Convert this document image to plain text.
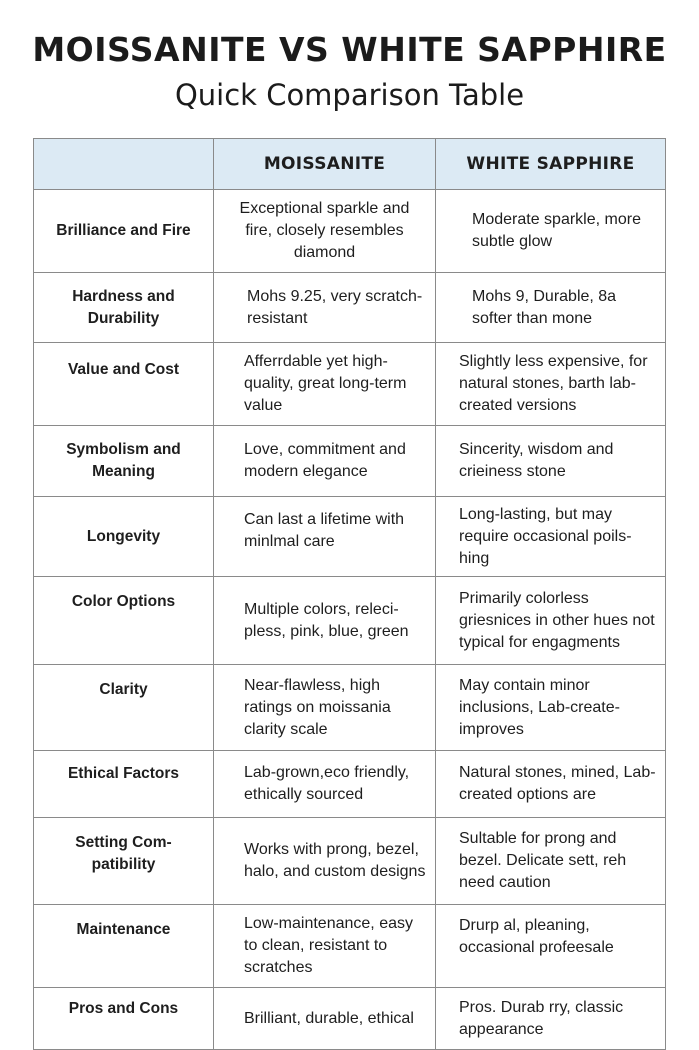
MOISSANITE VS WHITE SAPPHIRE
Quick Comparison Table
	MOISSANITE	WHITE SAPPHIRE
Brilliance and Fire	Exceptional sparkle and fire, closely resembles diamond	Moderate sparkle, more subtle glow
Hardness and Durability	Mohs 9.25, very scratch-resistant	Mohs 9, Durable, 8a softer than mone
Value and Cost	Afferrdable yet high-quality, great long-term value	Slightly less expensive, for natural stones, barth lab-created versions
Symbolism and Meaning	Love, commitment and modern elegance	Sincerity, wisdom and crieiness stone
Longevity	Can last a lifetime with minlmal care	Long-lasting, but may require occasional poils-hing
Color Options	Multiple colors, releci-pless, pink, blue, green	Primarily colorless griesnices in other hues not typical for engagments
Clarity	Near-flawless, high ratings on moissania clarity scale	May contain minor inclusions, Lab-create-improves
Ethical Factors	Lab-grown,eco friendly, ethically sourced	Natural stones, mined, Lab-created options are
Setting Com-patibility	Works with prong, bezel, halo, and custom designs	Sultable for prong and bezel. Delicate sett, reh need caution
Maintenance	Low-maintenance, easy to clean, resistant to scratches	Drurp al, pleaning, occasional profeesale
Pros and Cons	Brilliant, durable, ethical	Pros. Durab rry, classic appearance
